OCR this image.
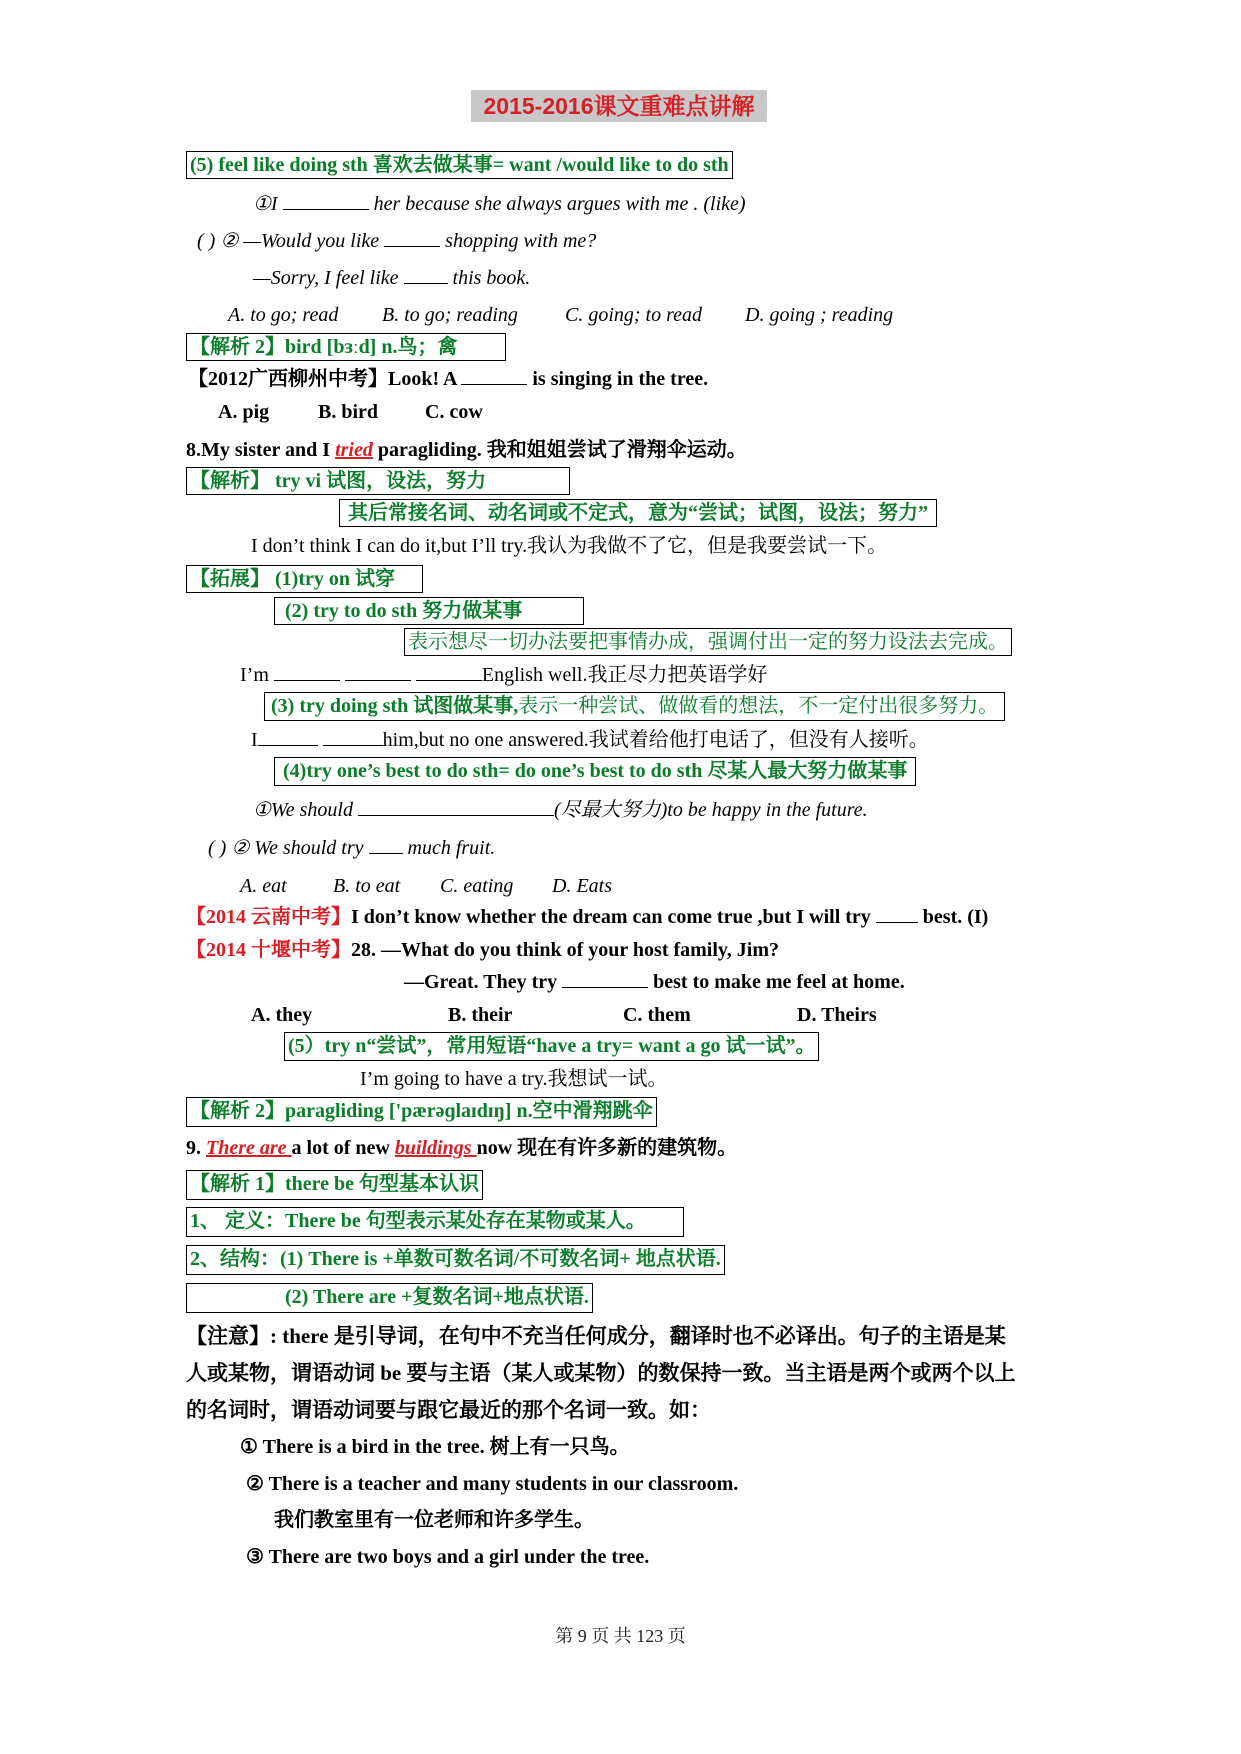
2015-2016课文重难点讲解
(5) feel like doing sth 喜欢去做某事= want /would like to do sth
①I	her because she always argues with me . (like)
( ) ② —Would you like	shopping with me?
—Sorry, I feel like  this book.
A. to go; read B. to go; reading C. going; to read D. going ; reading
【解析 2】bird [bɜːd] n.鸟；禽
【2012广西柳州中考】Look! A	is singing in the tree.
A. pig B. bird C. cow
8.My sister and I tried paragliding. 我和姐姐尝试了滑翔伞运动。
【解析】 try vi 试图，设法，努力
其后常接名词、动名词或不定式，意为“尝试；试图，设法；努力”
I don’t think I can do it,but I’ll try.我认为我做不了它，但是我要尝试一下。
【拓展】 (1)try on 试穿
(2) try to do sth 努力做某事
表示想尽一切办法要把事情办成，强调付出一定的努力设法去完成。
I’m	English well.我正尽力把英语学好
(3) try doing sth 试图做某事,表示一种尝试、做做看的想法，不一定付出很多努力。
I	him,but no one answered.我试着给他打电话了，但没有人接听。
(4)try one’s best to do sth= do one’s best to do sth 尽某人最大努力做某事
①We should	(尽最大努力)to be happy in the future.
( ) ② We should try  much fruit.
A. eat B. to eat C. eating D. Eats
【2014 云南中考】I don’t know whether the dream can come true ,but I will try  best. (I)
【2014 十堰中考】28. —What do you think of your host family, Jim?
—Great. They try	best to make me feel at home.
A. they	B. their	C. them	D. Theirs
(5）try n“尝试”，常用短语“have a try= want a go 试一试”。
I’m going to have a try.我想试一试。
【解析 2】paragliding ['pærəɡlaɪdɪŋ] n.空中滑翔跳伞
9. There are a lot of new buildings now 现在有许多新的建筑物。
【解析 1】there be 句型基本认识
1、 定义：There be 句型表示某处存在某物或某人。
2、结构：(1) There is +单数可数名词/不可数名词+ 地点状语.
(2) There are +复数名词+地点状语.
【注意】: there 是引导词，在句中不充当任何成分，翻译时也不必译出。句子的主语是某
人或某物，谓语动词 be 要与主语（某人或某物）的数保持一致。当主语是两个或两个以上
的名词时，谓语动词要与跟它最近的那个名词一致。如：
① There is a bird in the tree. 树上有一只鸟。
② There is a teacher and many students in our classroom.
我们教室里有一位老师和许多学生。
③ There are two boys and a girl under the tree.
第 9 页 共 123 页
